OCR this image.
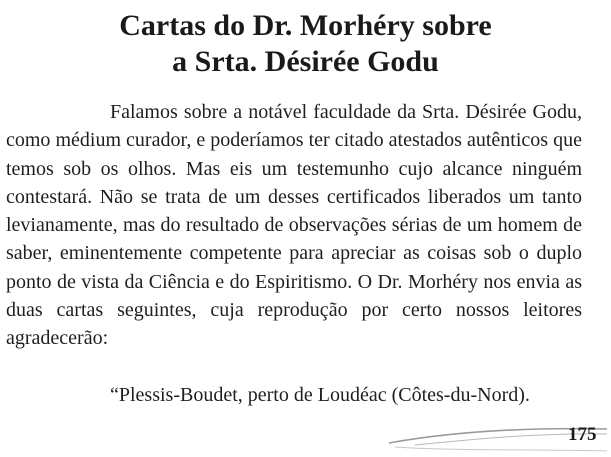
Cartas do Dr. Morhéry sobre
a Srta. Désirée Godu

Falamos sobre a notável faculdade da Srta. Désirée Godu, como médium curador, e poderíamos ter citado atestados autênticos que temos sob os olhos. Mas eis um testemunho cujo alcance ninguém contestará. Não se trata de um desses certificados liberados um tanto levianamente, mas do resultado de observações sérias de um homem de saber, eminentemente competente para apreciar as coisas sob o duplo ponto de vista da Ciência e do Espiritismo. O Dr. Morhéry nos envia as duas cartas seguintes, cuja reprodução por certo nossos leitores agradecerão:

“Plessis-Boudet, perto de Loudéac (Côtes-du-Nord).

175
